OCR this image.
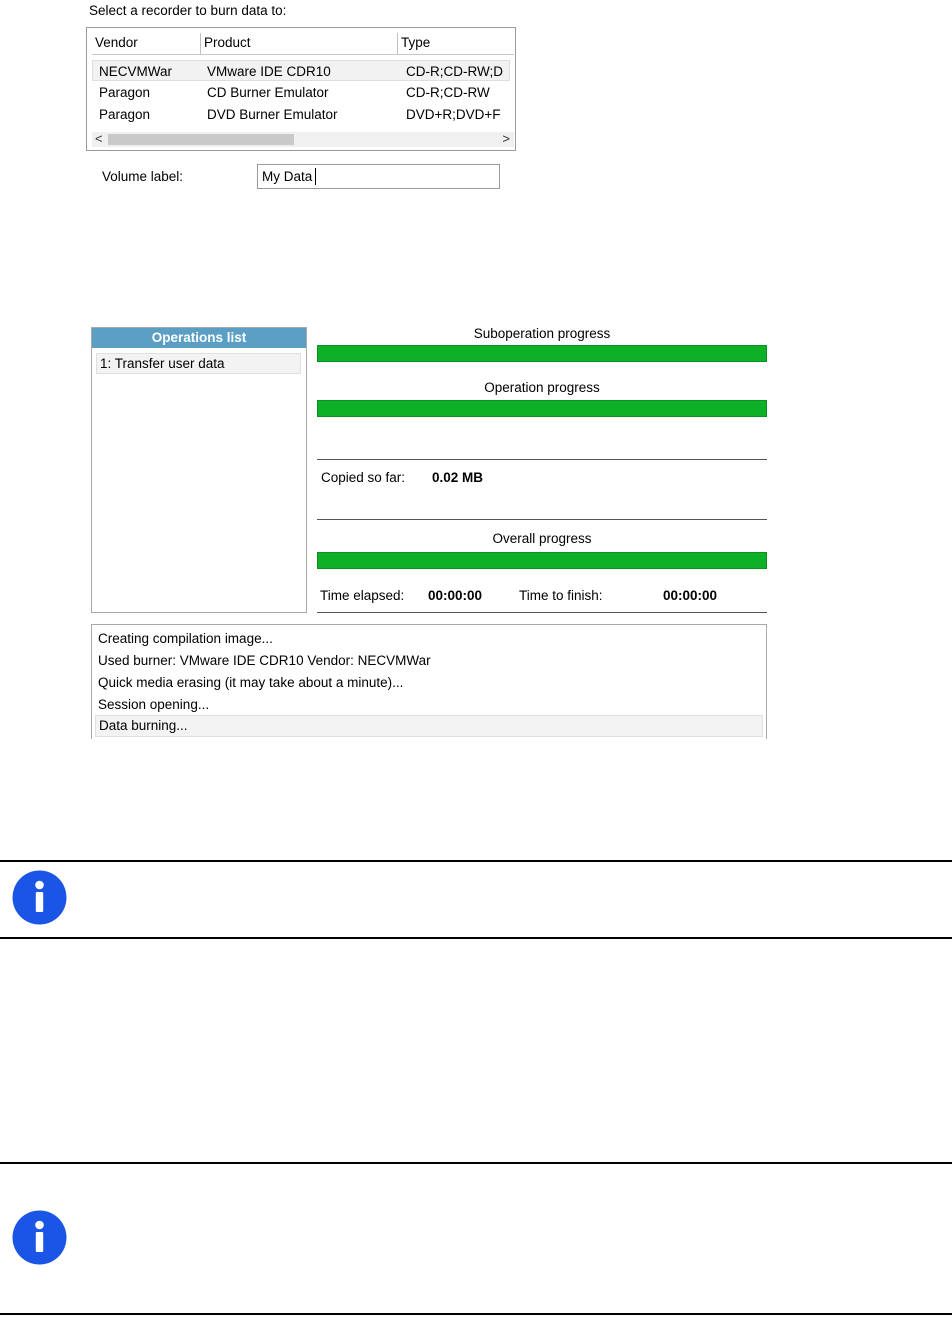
Select a recorder to burn data to:
Vendor	Product	Type
NECVMWar	VMware IDE CDR10	CD-R;CD-RW;D
Paragon	CD Burner Emulator	CD-R;CD-RW
Paragon	DVD Burner Emulator	DVD+R;DVD+F
<	>
Volume label:
My Data
Operations list
1: Transfer user data
Suboperation progress
Operation progress
Copied so far: 0.02 MB
Overall progress
Time elapsed: 00:00:00	Time to finish:	00:00:00
Creating compilation image...
Used burner: VMware IDE CDR10 Vendor: NECVMWar
Quick media erasing (it may take about a minute)...
Session opening...
Data burning...
